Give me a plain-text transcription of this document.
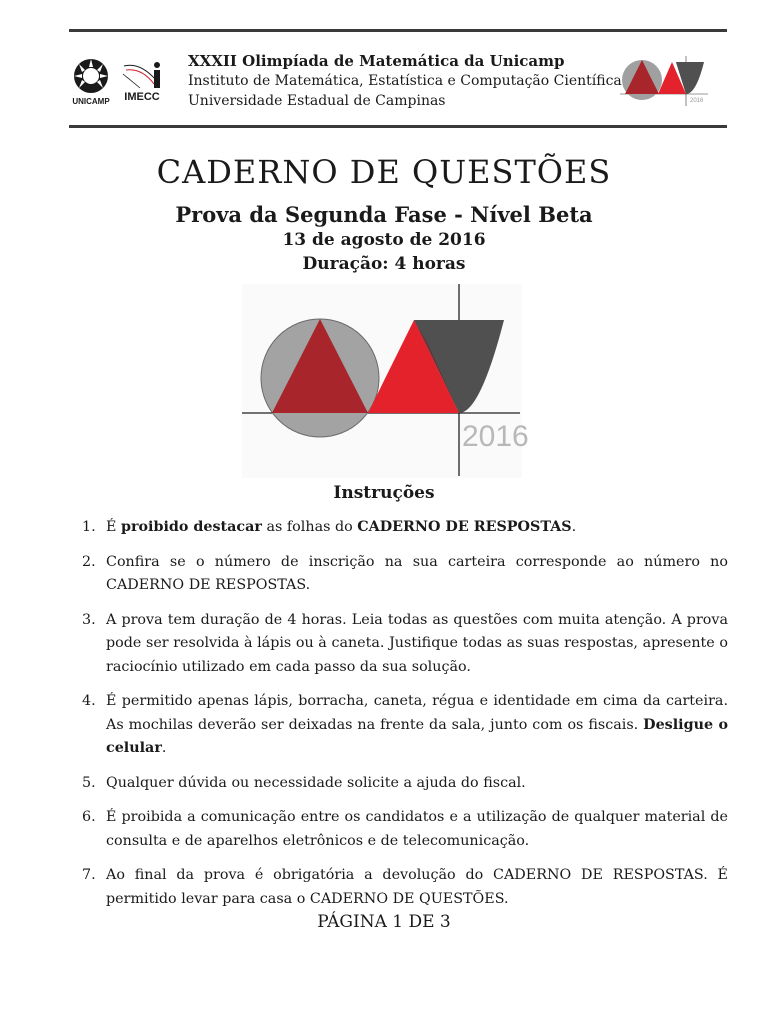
UNICAMP IMECC
XXXII Olimpíada de Matemática da Unicamp
Instituto de Matemática, Estatística e Computação Científica
Universidade Estadual de Campinas	2016
CADERNO DE QUESTÕES
Prova da Segunda Fase - Nível Beta
13 de agosto de 2016
Duração: 4 horas
2016
Instruções
1. É proibido destacar as folhas do CADERNO DE RESPOSTAS.
2. Confira se o número de inscrição na sua carteira corresponde ao número no CADERNO DE RESPOSTAS.
3. A prova tem duração de 4 horas. Leia todas as questões com muita atenção. A prova pode ser resolvida à lápis ou à caneta. Justifique todas as suas respostas, apresente o raciocínio utilizado em cada passo da sua solução.
4. É permitido apenas lápis, borracha, caneta, régua e identidade em cima da carteira. As mochilas deverão ser deixadas na frente da sala, junto com os fiscais. Desligue o celular.
5. Qualquer dúvida ou necessidade solicite a ajuda do fiscal.
6. É proibida a comunicação entre os candidatos e a utilização de qualquer material de consulta e de aparelhos eletrônicos e de telecomunicação.
7. Ao final da prova é obrigatória a devolução do CADERNO DE RESPOSTAS. É permitido levar para casa o CADERNO DE QUESTÕES.
PÁGINA 1 DE 3
